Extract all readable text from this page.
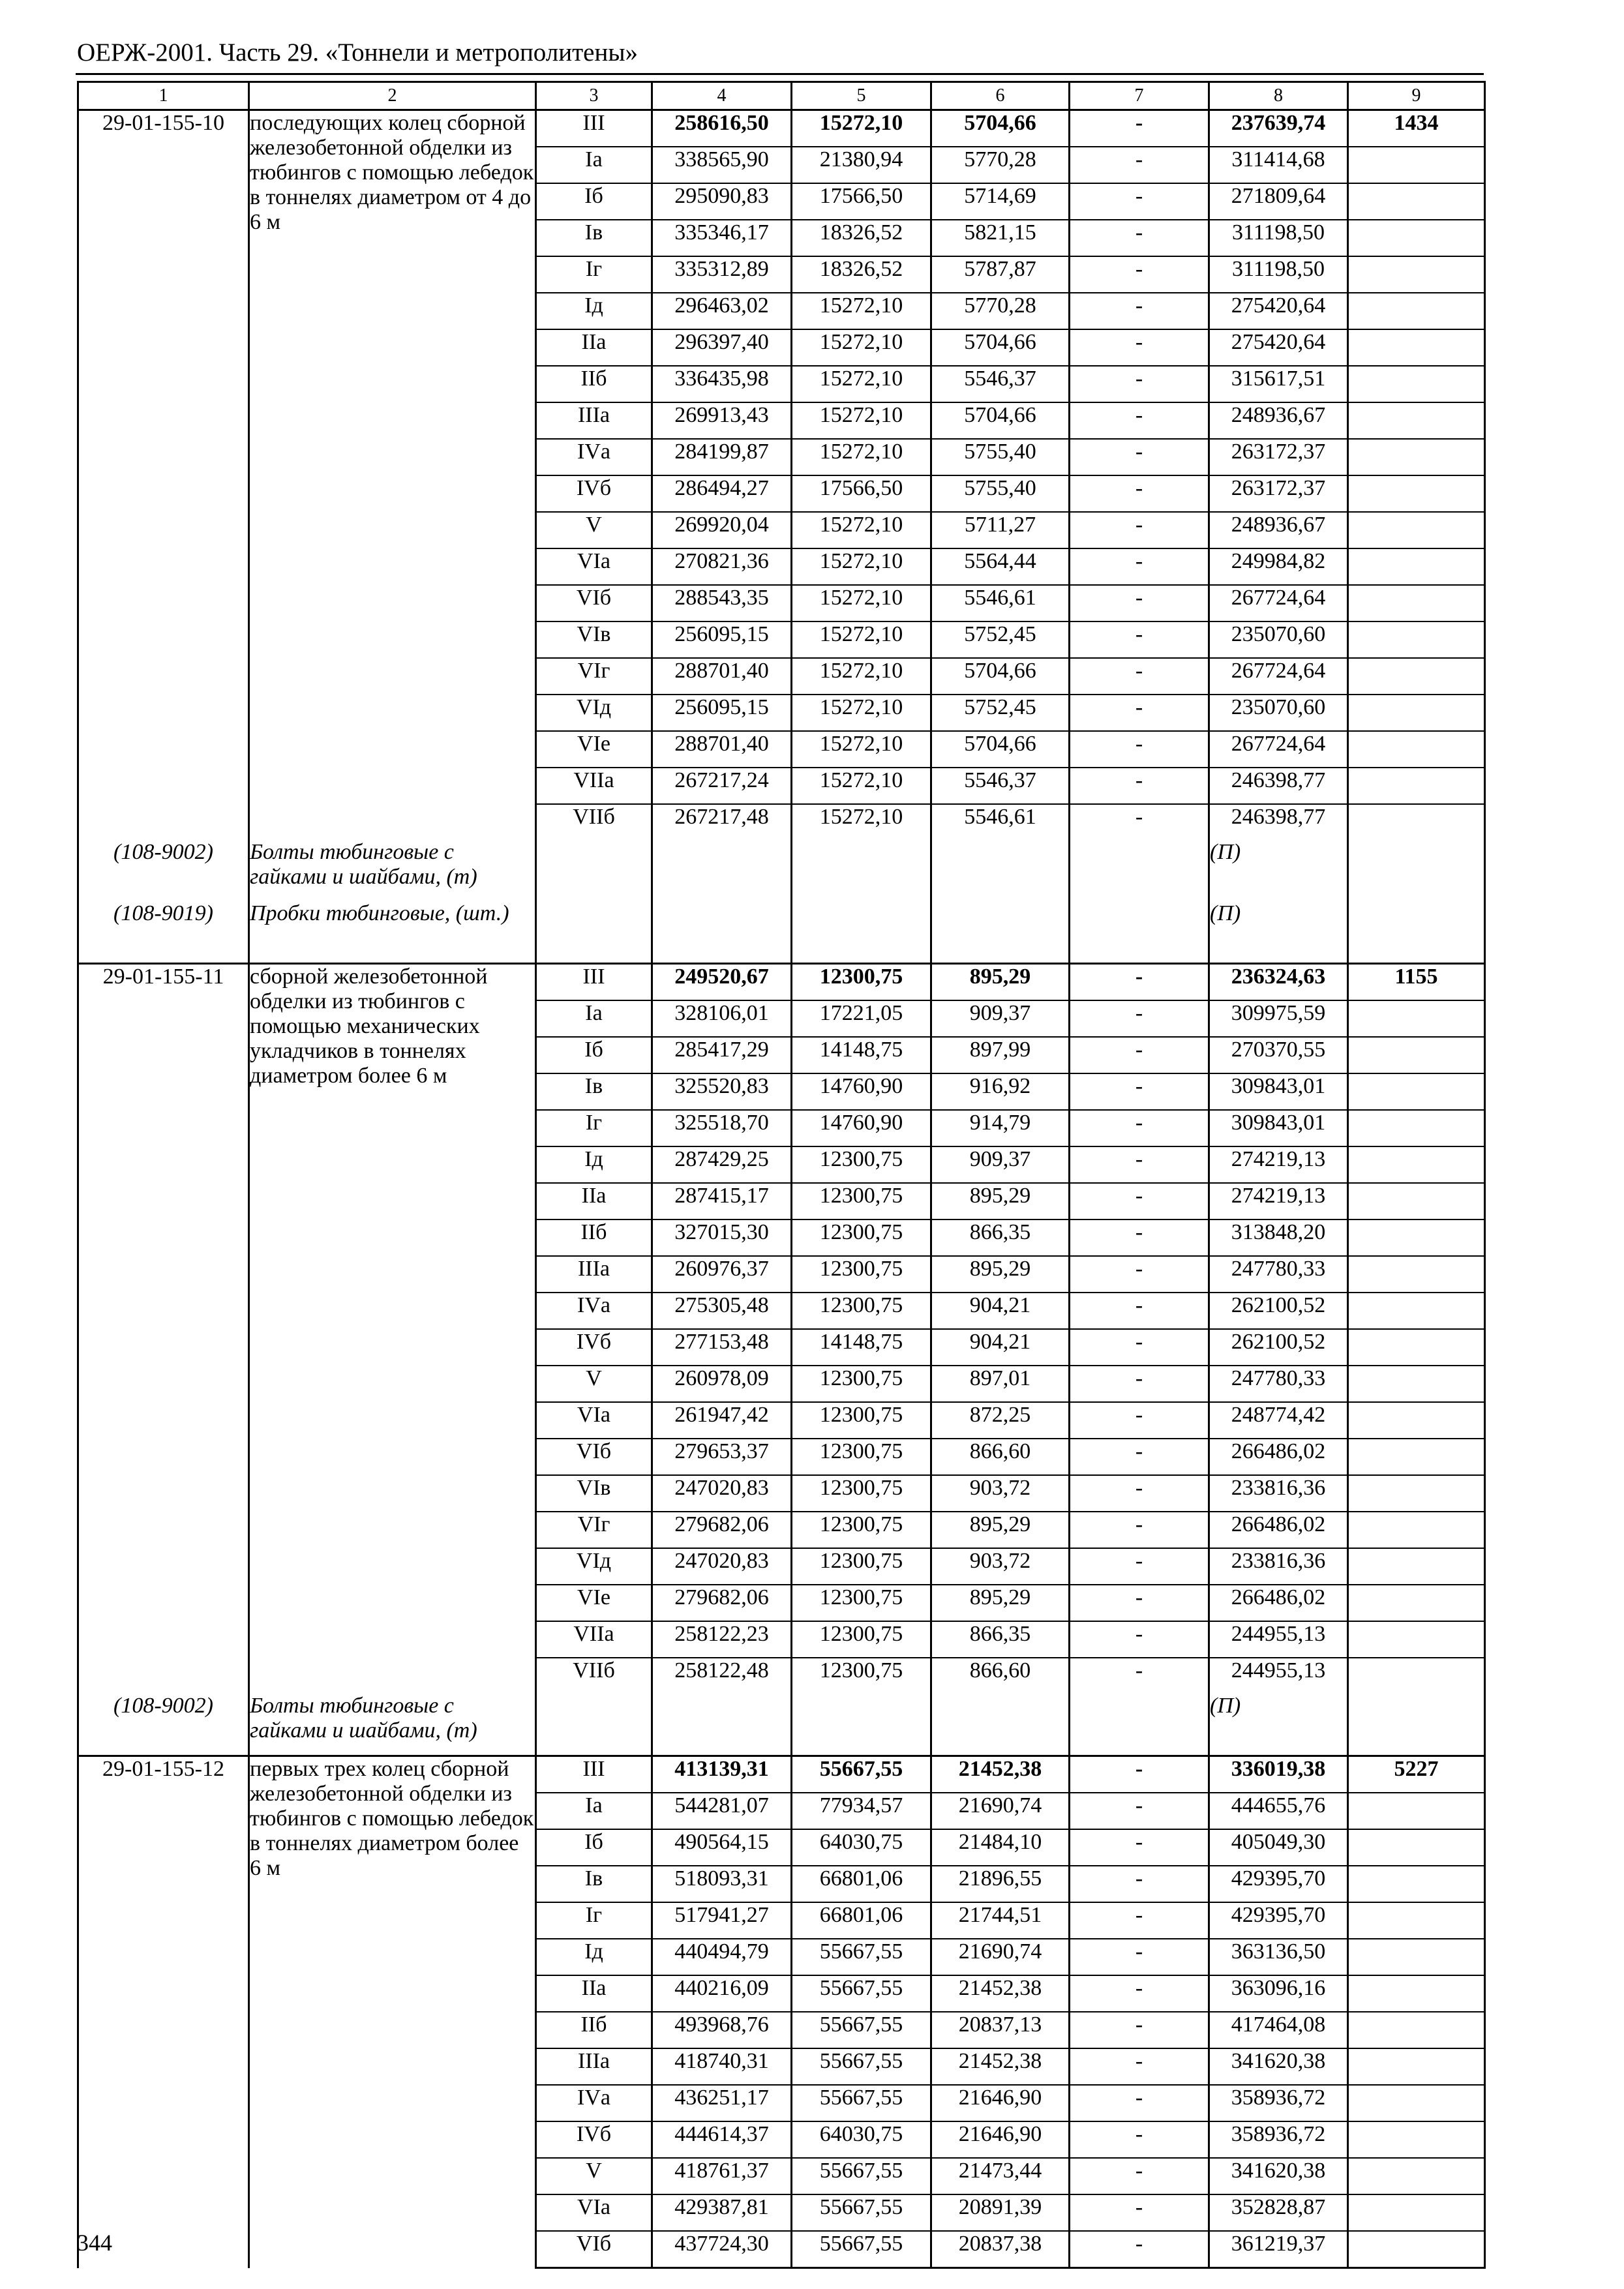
ОЕРЖ-2001. Часть 29. «Тоннели и метрополитены»
1	2	3	4	5	6	7	8	9
29-01-155-10	последующих колец сборной железобетонной обделки из тюбингов с помощью лебедок в тоннелях диаметром от 4 до 6 м	III	258616,50	15272,10	5704,66	-	237639,74	1434
		Iа	338565,90	21380,94	5770,28	-	311414,68	
		Iб	295090,83	17566,50	5714,69	-	271809,64	
		Iв	335346,17	18326,52	5821,15	-	311198,50	
		Iг	335312,89	18326,52	5787,87	-	311198,50	
		Iд	296463,02	15272,10	5770,28	-	275420,64	
		IIа	296397,40	15272,10	5704,66	-	275420,64	
		IIб	336435,98	15272,10	5546,37	-	315617,51	
		IIIа	269913,43	15272,10	5704,66	-	248936,67	
		IVа	284199,87	15272,10	5755,40	-	263172,37	
		IVб	286494,27	17566,50	5755,40	-	263172,37	
		V	269920,04	15272,10	5711,27	-	248936,67	
		VIа	270821,36	15272,10	5564,44	-	249984,82	
		VIб	288543,35	15272,10	5546,61	-	267724,64	
		VIв	256095,15	15272,10	5752,45	-	235070,60	
		VIг	288701,40	15272,10	5704,66	-	267724,64	
		VIд	256095,15	15272,10	5752,45	-	235070,60	
		VIе	288701,40	15272,10	5704,66	-	267724,64	
		VIIа	267217,24	15272,10	5546,37	-	246398,77	
		VIIб	267217,48	15272,10	5546,61	-	246398,77	
(108-9002)	Болты тюбинговые с гайками и шайбами, (т)						(П)	
(108-9019)	Пробки тюбинговые, (шт.)						(П)	
29-01-155-11	сборной железобетонной обделки из тюбингов с помощью механических укладчиков в тоннелях диаметром более 6 м	III	249520,67	12300,75	895,29	-	236324,63	1155
		Iа	328106,01	17221,05	909,37	-	309975,59	
		Iб	285417,29	14148,75	897,99	-	270370,55	
		Iв	325520,83	14760,90	916,92	-	309843,01	
		Iг	325518,70	14760,90	914,79	-	309843,01	
		Iд	287429,25	12300,75	909,37	-	274219,13	
		IIа	287415,17	12300,75	895,29	-	274219,13	
		IIб	327015,30	12300,75	866,35	-	313848,20	
		IIIа	260976,37	12300,75	895,29	-	247780,33	
		IVа	275305,48	12300,75	904,21	-	262100,52	
		IVб	277153,48	14148,75	904,21	-	262100,52	
		V	260978,09	12300,75	897,01	-	247780,33	
		VIа	261947,42	12300,75	872,25	-	248774,42	
		VIб	279653,37	12300,75	866,60	-	266486,02	
		VIв	247020,83	12300,75	903,72	-	233816,36	
		VIг	279682,06	12300,75	895,29	-	266486,02	
		VIд	247020,83	12300,75	903,72	-	233816,36	
		VIе	279682,06	12300,75	895,29	-	266486,02	
		VIIа	258122,23	12300,75	866,35	-	244955,13	
		VIIб	258122,48	12300,75	866,60	-	244955,13	
(108-9002)	Болты тюбинговые с гайками и шайбами, (т)						(П)	
29-01-155-12	первых трех колец сборной железобетонной обделки из тюбингов с помощью лебедок в тоннелях диаметром более 6 м	III	413139,31	55667,55	21452,38	-	336019,38	5227
		Iа	544281,07	77934,57	21690,74	-	444655,76	
		Iб	490564,15	64030,75	21484,10	-	405049,30	
		Iв	518093,31	66801,06	21896,55	-	429395,70	
		Iг	517941,27	66801,06	21744,51	-	429395,70	
		Iд	440494,79	55667,55	21690,74	-	363136,50	
		IIа	440216,09	55667,55	21452,38	-	363096,16	
		IIб	493968,76	55667,55	20837,13	-	417464,08	
		IIIа	418740,31	55667,55	21452,38	-	341620,38	
		IVа	436251,17	55667,55	21646,90	-	358936,72	
		IVб	444614,37	64030,75	21646,90	-	358936,72	
		V	418761,37	55667,55	21473,44	-	341620,38	
		VIа	429387,81	55667,55	20891,39	-	352828,87	
		VIб	437724,30	55667,55	20837,38	-	361219,37	
344
